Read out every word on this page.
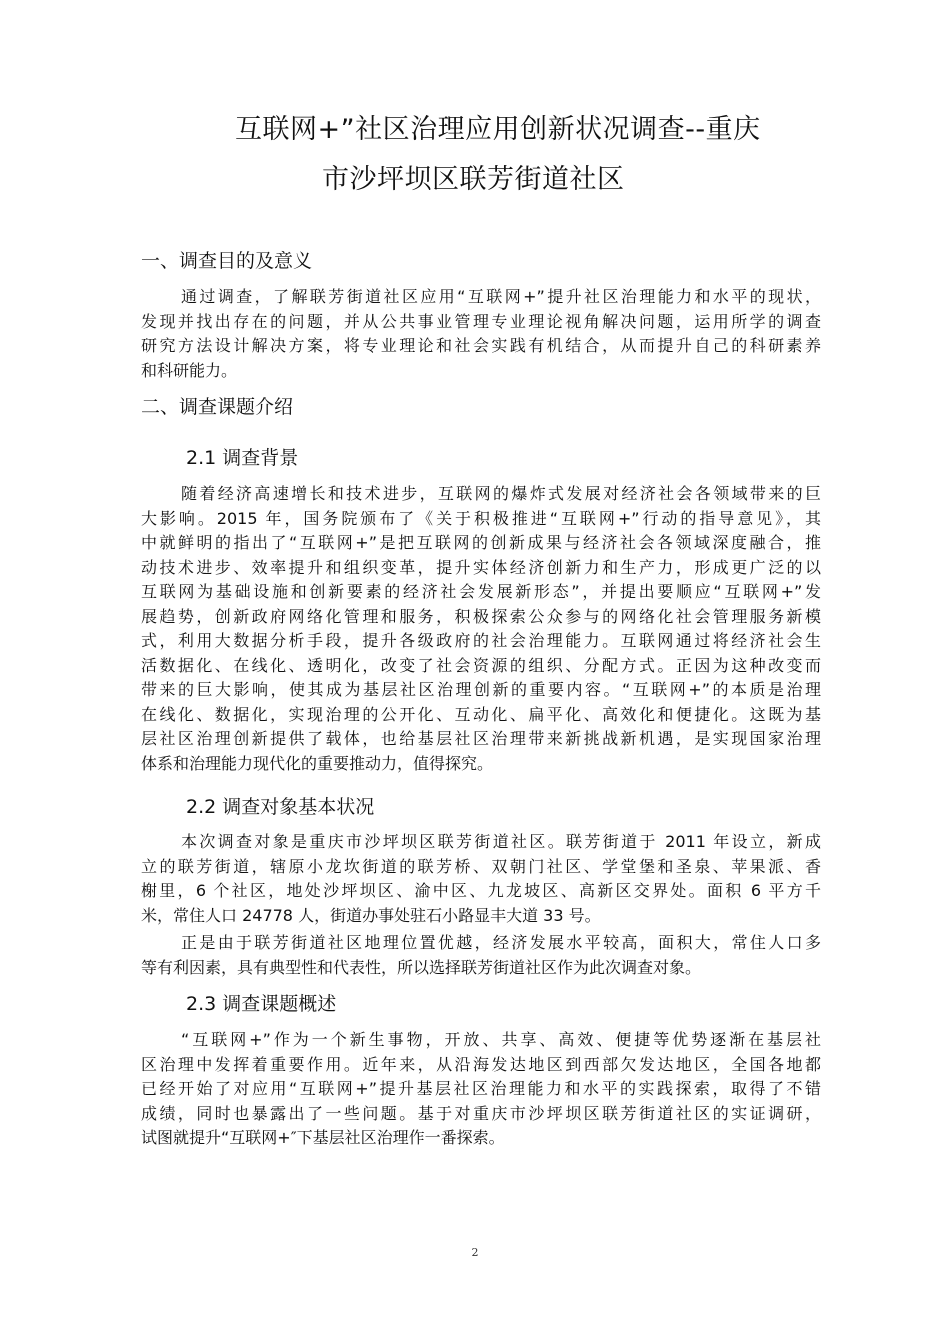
互联网+”社区治理应用创新状况调查--重庆
市沙坪坝区联芳街道社区
一、调查目的及意义
通过调查，了解联芳街道社区应用“互联网+”提升社区治理能力和水平的现状，
发现并找出存在的问题，并从公共事业管理专业理论视角解决问题，运用所学的调查
研究方法设计解决方案，将专业理论和社会实践有机结合，从而提升自己的科研素养
和科研能力。
二、调查课题介绍
2.1 调查背景
随着经济高速增长和技术进步，互联网的爆炸式发展对经济社会各领域带来的巨
大影响。2015 年，国务院颁布了《关于积极推进“互联网+”行动的指导意见》，其
中就鲜明的指出了“互联网+”是把互联网的创新成果与经济社会各领域深度融合，推
动技术进步、效率提升和组织变革，提升实体经济创新力和生产力，形成更广泛的以
互联网为基础设施和创新要素的经济社会发展新形态”，并提出要顺应“互联网+”发
展趋势，创新政府网络化管理和服务，积极探索公众参与的网络化社会管理服务新模
式，利用大数据分析手段，提升各级政府的社会治理能力。互联网通过将经济社会生
活数据化、在线化、透明化，改变了社会资源的组织、分配方式。正因为这种改变而
带来的巨大影响，使其成为基层社区治理创新的重要内容。“互联网+”的本质是治理
在线化、数据化，实现治理的公开化、互动化、扁平化、高效化和便捷化。这既为基
层社区治理创新提供了载体，也给基层社区治理带来新挑战新机遇，是实现国家治理
体系和治理能力现代化的重要推动力，值得探究。
2.2 调查对象基本状况
本次调查对象是重庆市沙坪坝区联芳街道社区。联芳街道于 2011 年设立，新成
立的联芳街道，辖原小龙坎街道的联芳桥、双朝门社区、学堂堡和圣泉、苹果派、香
榭里，6 个社区，地处沙坪坝区、渝中区、九龙坡区、高新区交界处。面积 6 平方千
米，常住人口 24778 人，街道办事处驻石小路显丰大道 33 号。
正是由于联芳街道社区地理位置优越，经济发展水平较高，面积大，常住人口多
等有利因素，具有典型性和代表性，所以选择联芳街道社区作为此次调查对象。
2.3 调查课题概述
“互联网+”作为一个新生事物，开放、共享、高效、便捷等优势逐渐在基层社
区治理中发挥着重要作用。近年来，从沿海发达地区到西部欠发达地区，全国各地都
已经开始了对应用“互联网+”提升基层社区治理能力和水平的实践探索，取得了不错
成绩，同时也暴露出了一些问题。基于对重庆市沙坪坝区联芳街道社区的实证调研，
试图就提升“互联网+″下基层社区治理作一番探索。
2
